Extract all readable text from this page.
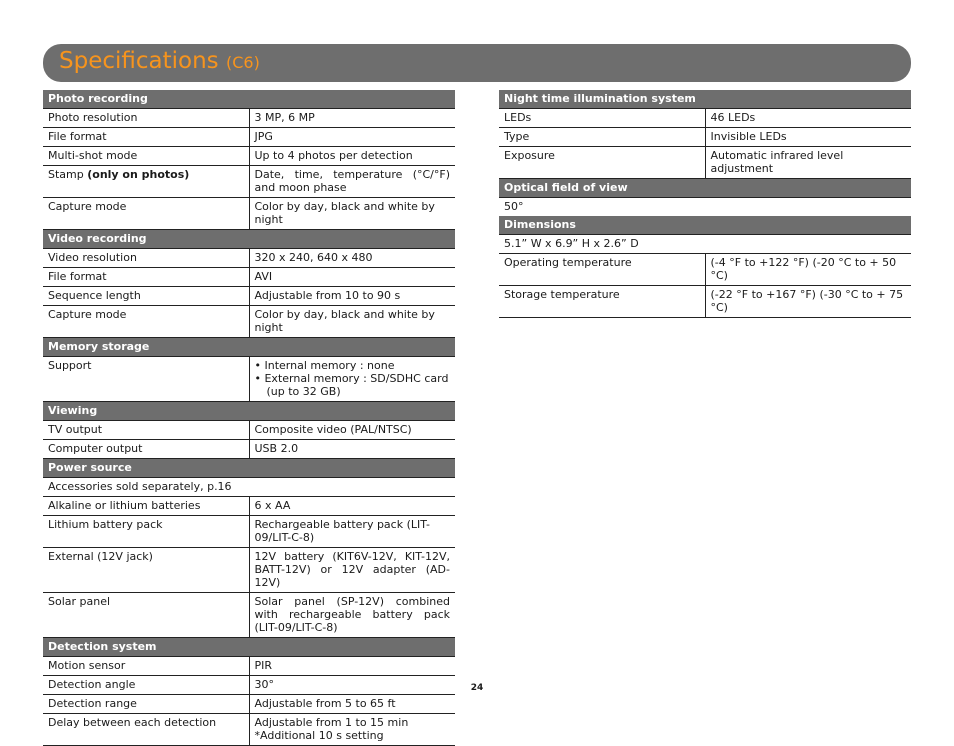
Specifications (C6)
Photo recording	
Photo resolution	3 MP, 6 MP
File format	JPG
Multi-shot mode	Up to 4 photos per detection
Stamp (only on photos)	Date, time, temperature (°C/°F) and moon phase
Capture mode	Color by day, black and white by night
Video recording	
Video resolution	320 x 240, 640 x 480
File format	AVI
Sequence length	Adjustable from 10 to 90 s
Capture mode	Color by day, black and white by night
Memory storage	
Support	• Internal memory : none
• External memory : SD/SDHC card
(up to 32 GB)

Viewing	
TV output	Composite video (PAL/NTSC)
Computer output	USB 2.0
Power source	
Accessories sold separately, p.16	
Alkaline or lithium batteries	6 x AA
Lithium battery pack	Rechargeable battery pack (LIT-09/LIT-C-8)
External (12V jack)	12V battery (KIT6V-12V, KIT-12V, BATT-12V) or 12V adapter (AD-12V)
Solar panel	Solar panel (SP-12V) combined with rechargeable battery pack (LIT-09/LIT-C-8)
Detection system	
Motion sensor	PIR
Detection angle	30°
Detection range	Adjustable from 5 to 65 ft
Delay between each detection	Adjustable from 1 to 15 min
*Additional 10 s setting
Night time illumination system	
LEDs	46 LEDs
Type	Invisible LEDs
Exposure	Automatic infrared level adjustment
Optical field of view	
50°	
Dimensions	
5.1” W x 6.9” H x 2.6” D	
Operating temperature	(-4 °F to +122 °F) (-20 °C to + 50 °C)
Storage temperature	(-22 °F to +167 °F) (-30 °C to + 75 °C)
24
